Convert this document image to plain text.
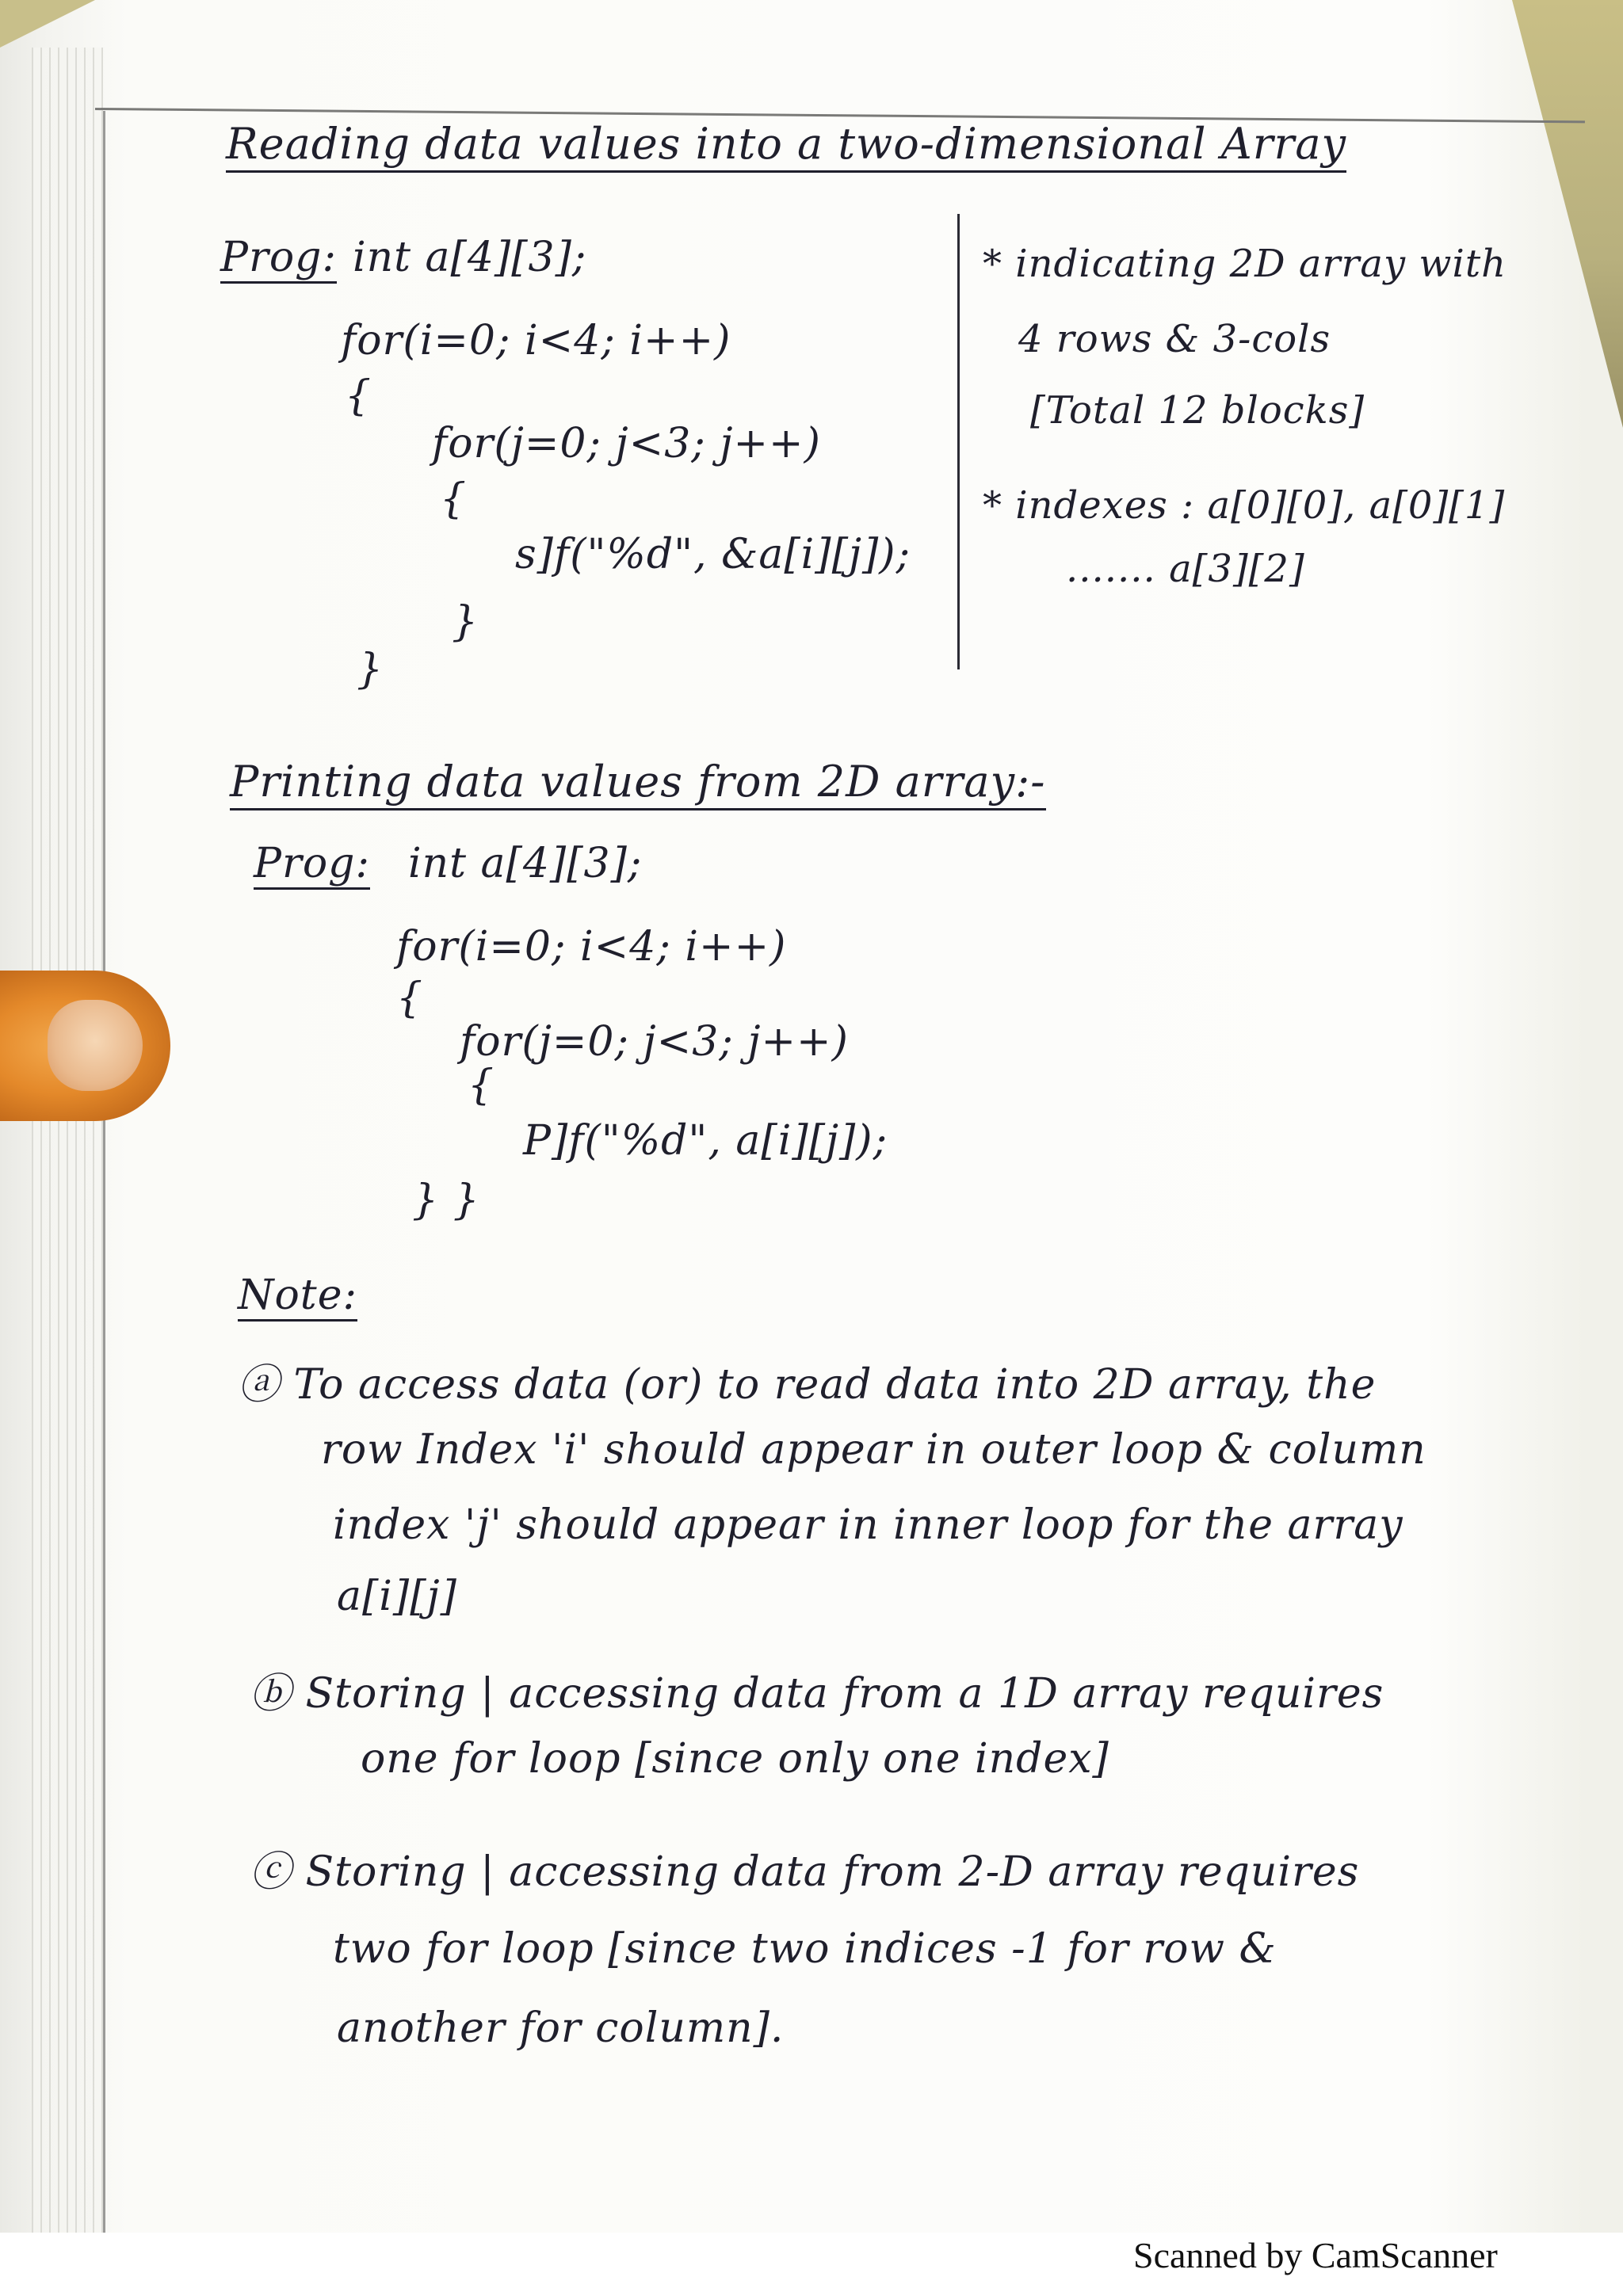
Reading data values into a two-dimensional Array

Prog: int a[4][3];

for(i=0; i<4; i++)

{

for(j=0; j<3; j++)

{

s]f("%d", &a[i][j]);

}

}

* indicating 2D array with

4 rows & 3-cols

[Total 12 blocks]

* indexes : a[0][0], a[0][1]

....... a[3][2]

Printing data values from 2D array:-

Prog: int a[4][3];

for(i=0; i<4; i++)

{

for(j=0; j<3; j++)

{

P]f("%d", a[i][j]);

} }

Note:

ⓐ To access data (or) to read data into 2D array, the

row Index 'i' should appear in outer loop & column

index 'j' should appear in inner loop for the array

a[i][j]

ⓑ Storing | accessing data from a 1D array requires

one for loop [since only one index]

ⓒ Storing | accessing data from 2-D array requires

two for loop [since two indices -1 for row &

another for column].

Scanned by CamScanner
